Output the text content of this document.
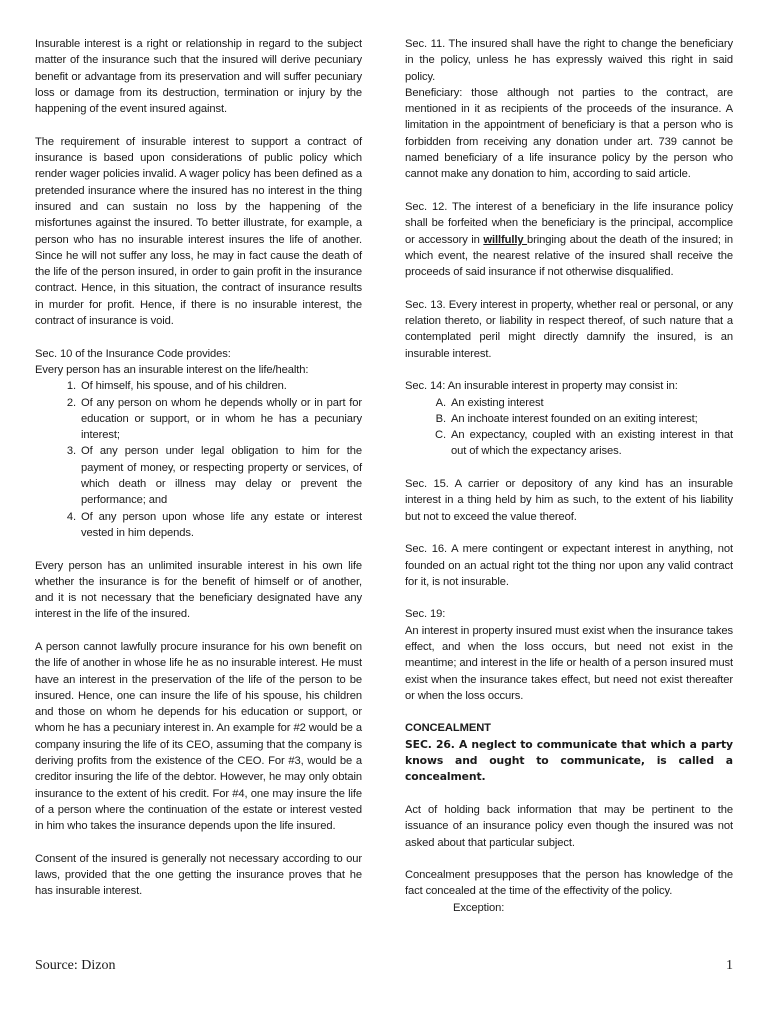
Insurable interest is a right or relationship in regard to the subject matter of the insurance such that the insured will derive pecuniary benefit or advantage from its preservation and will suffer pecuniary loss or damage from its destruction, termination or injury by the happening of the event insured against.

The requirement of insurable interest to support a contract of insurance is based upon considerations of public policy which render wager policies invalid. A wager policy has been defined as a pretended insurance where the insured has no interest in the thing insured and can sustain no loss by the happening of the misfortunes against the insured. To better illustrate, for example, a person who has no insurable interest insures the life of another. Since he will not suffer any loss, he may in fact cause the death of the life of the person insured, in order to gain profit in the insurance contract. Hence, in this situation, the contract of insurance results in murder for profit. Hence, if there is no insurable interest, the contract of insurance is void.

Sec. 10 of the Insurance Code provides:

Every person has an insurable interest on the life/health:

1. Of himself, his spouse, and of his children.
2. Of any person on whom he depends wholly or in part for education or support, or in whom he has a pecuniary interest;
3. Of any person under legal obligation to him for the payment of money, or respecting property or services, of which death or illness may delay or prevent the performance; and
4. Of any person upon whose life any estate or interest vested in him depends.

Every person has an unlimited insurable interest in his own life whether the insurance is for the benefit of himself or of another, and it is not necessary that the beneficiary designated have any interest in the life of the insured.

A person cannot lawfully procure insurance for his own benefit on the life of another in whose life he as no insurable interest. He must have an interest in the preservation of the life of the person to be insured. Hence, one can insure the life of his spouse, his children and those on whom he depends for his education or support, or whom he has a pecuniary interest in. An example for #2 would be a company insuring the life of its CEO, assuming that the company is deriving profits from the existence of the CEO. For #3, would be a creditor insuring the life of the debtor. However, he may only obtain insurance to the extent of his credit. For #4, one may insure the life of a person where the continuation of the estate or interest vested in him who takes the insurance depends upon the life insured.

Consent of the insured is generally not necessary according to our laws, provided that the one getting the insurance proves that he has insurable interest.

Sec. 11. The insured shall have the right to change the beneficiary in the policy, unless he has expressly waived this right in said policy.

Beneficiary: those although not parties to the contract, are mentioned in it as recipients of the proceeds of the insurance. A limitation in the appointment of beneficiary is that a person who is forbidden from receiving any donation under art. 739 cannot be named beneficiary of a life insurance policy by the person who cannot make any donation to him, according to said article.

Sec. 12. The interest of a beneficiary in the life insurance policy shall be forfeited when the beneficiary is the principal, accomplice or accessory in willfully bringing about the death of the insured; in which event, the nearest relative of the insured shall receive the proceeds of said insurance if not otherwise disqualified.

Sec. 13. Every interest in property, whether real or personal, or any relation thereto, or liability in respect thereof, of such nature that a contemplated peril might directly damnify the insured, is an insurable interest.

Sec. 14: An insurable interest in property may consist in:

A. An existing interest
B. An inchoate interest founded on an exiting interest;
C. An expectancy, coupled with an existing interest in that out of which the expectancy arises.

Sec. 15. A carrier or depository of any kind has an insurable interest in a thing held by him as such, to the extent of his liability but not to exceed the value thereof.

Sec. 16. A mere contingent or expectant interest in anything, not founded on an actual right tot the thing nor upon any valid contract for it, is not insurable.

Sec. 19:

An interest in property insured must exist when the insurance takes effect, and when the loss occurs, but need not exist in the meantime; and interest in the life or health of a person insured must exist when the insurance takes effect, but need not exist thereafter or when the loss occurs.

CONCEALMENT

SEC. 26. A neglect to communicate that which a party knows and ought to communicate, is called a concealment.

Act of holding back information that may be pertinent to the issuance of an insurance policy even though the insured was not asked about that particular subject.

Concealment presupposes that the person has knowledge of the fact concealed at the time of the effectivity of the policy.

Exception:

Source: Dizon	1
